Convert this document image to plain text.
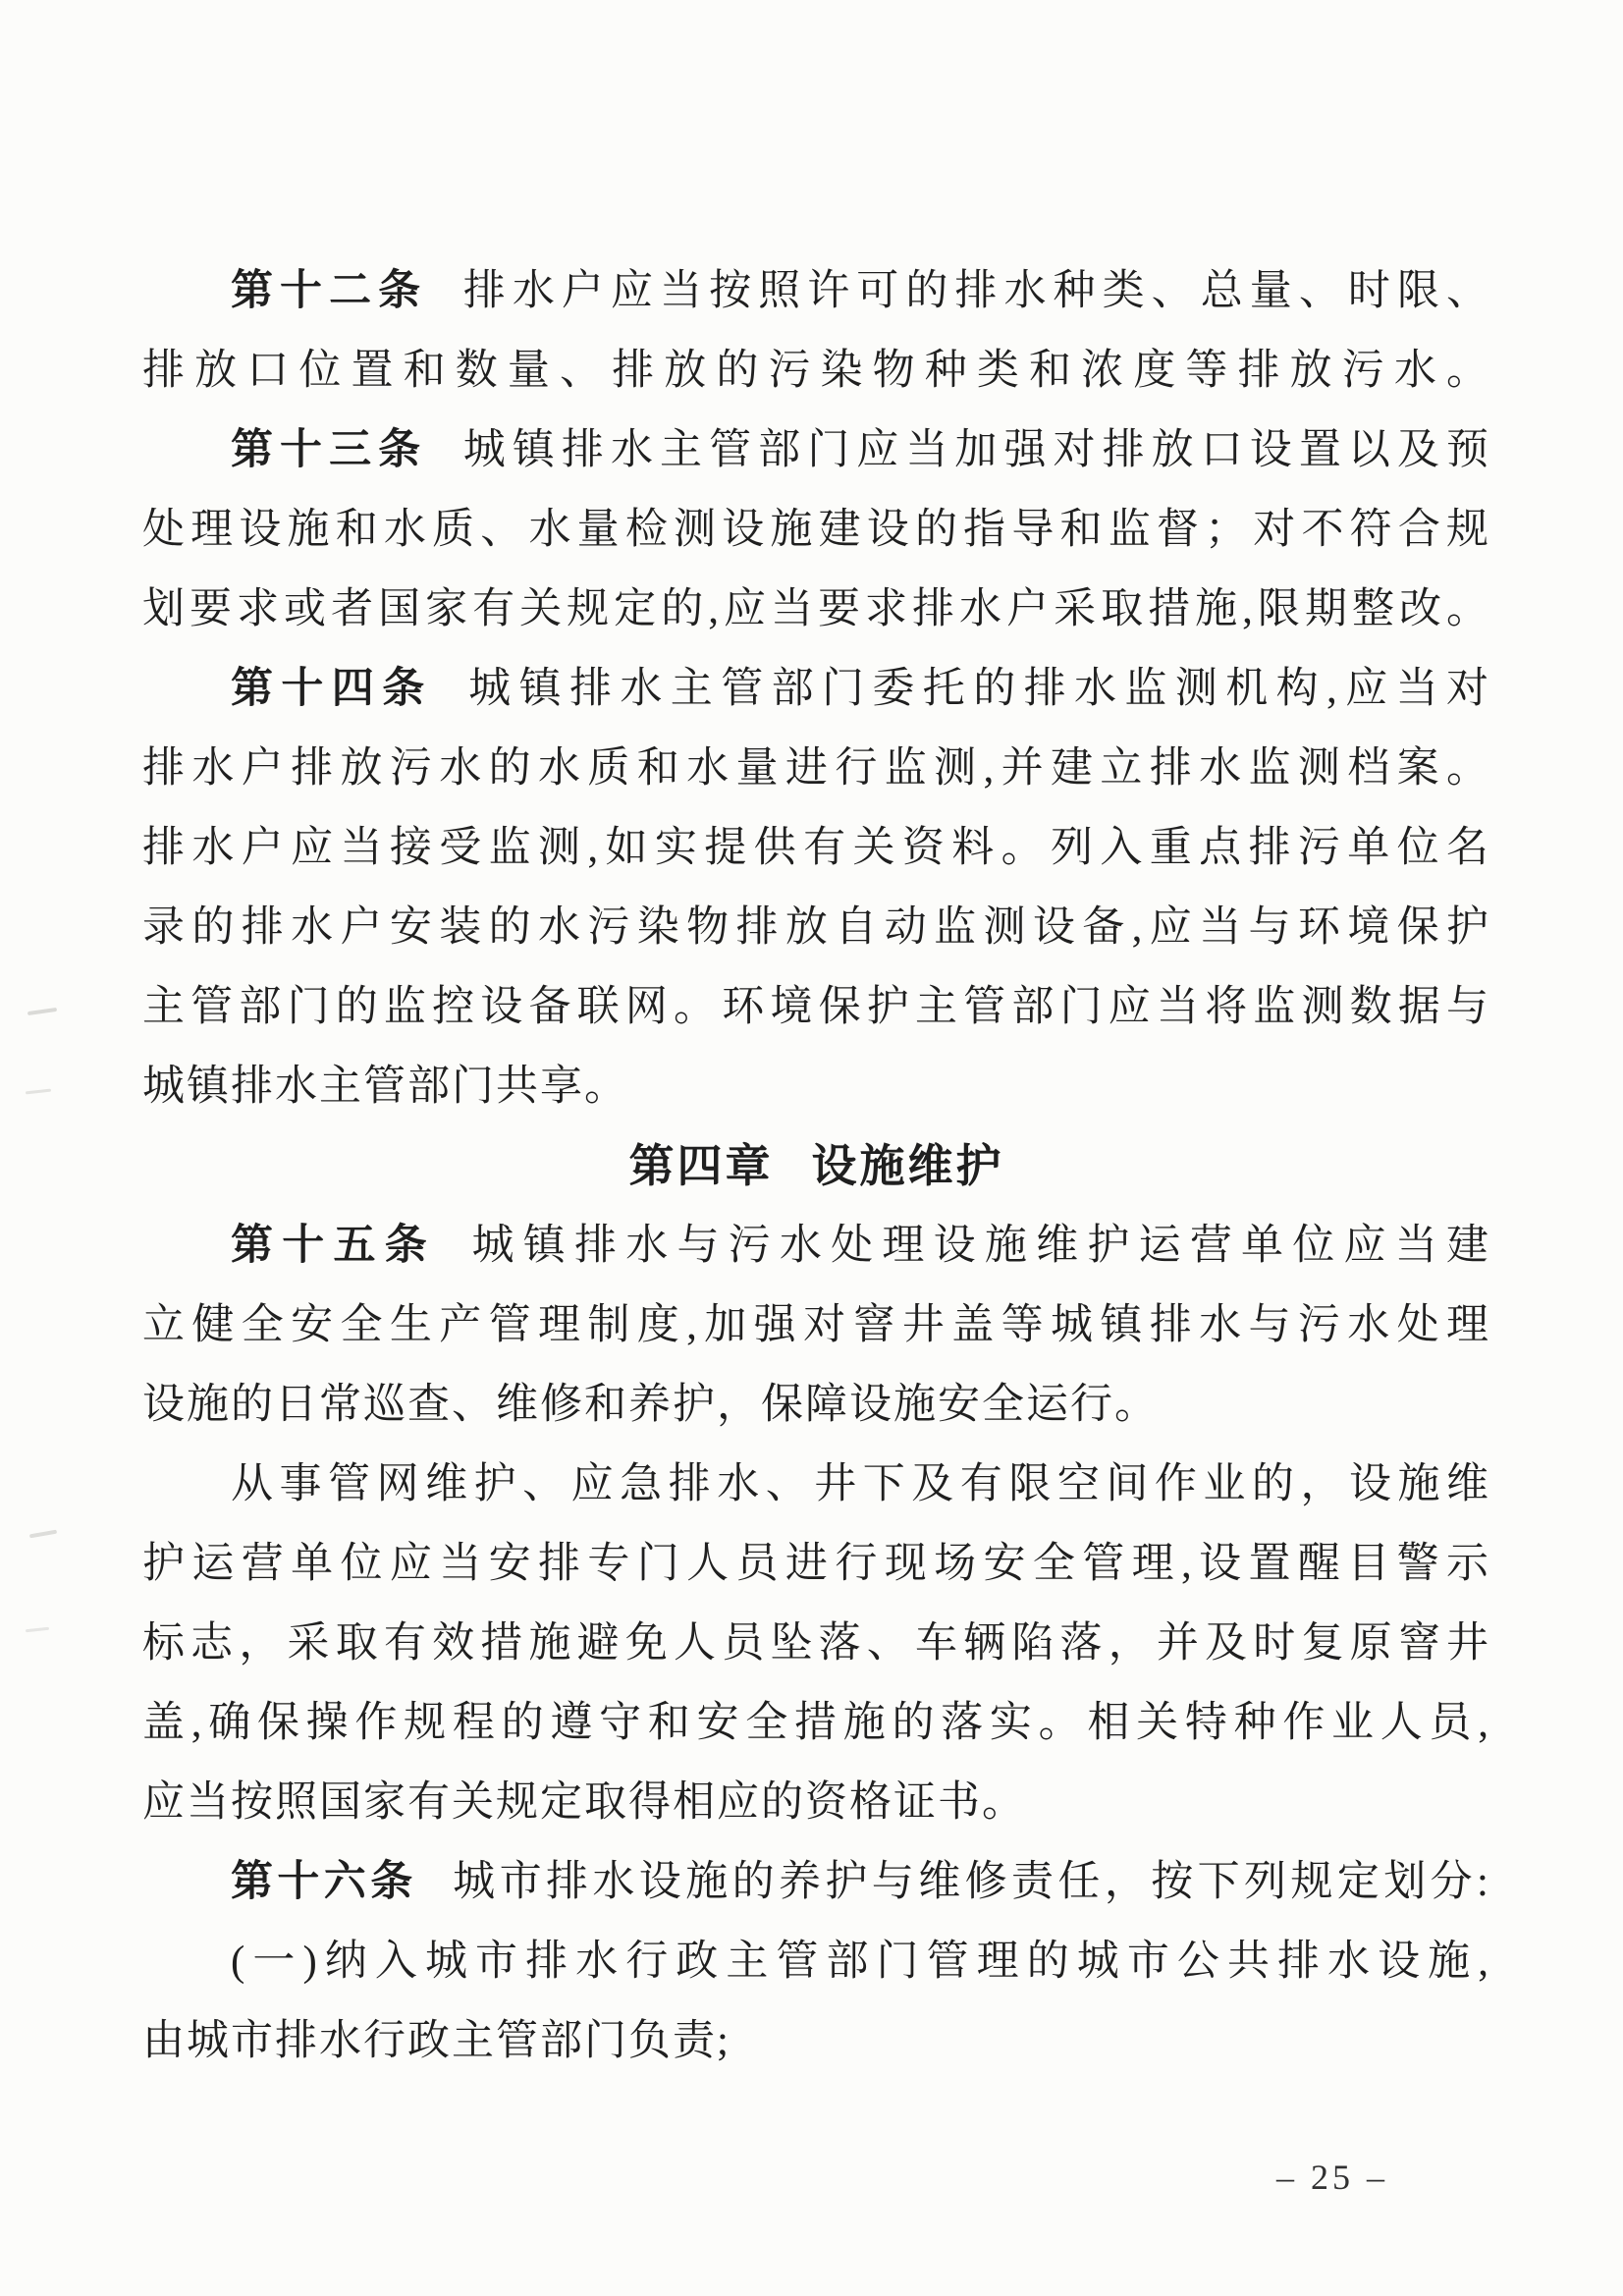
第十二条 排水户应当按照许可的排水种类、总量、时限、
排放口位置和数量、排放的污染物种类和浓度等排放污水。
第十三条 城镇排水主管部门应当加强对排放口设置以及预
处理设施和水质、水量检测设施建设的指导和监督；对不符合规
划要求或者国家有关规定的,应当要求排水户采取措施,限期整改。
第十四条 城镇排水主管部门委托的排水监测机构,应当对
排水户排放污水的水质和水量进行监测,并建立排水监测档案。
排水户应当接受监测,如实提供有关资料。列入重点排污单位名
录的排水户安装的水污染物排放自动监测设备,应当与环境保护
主管部门的监控设备联网。环境保护主管部门应当将监测数据与
城镇排水主管部门共享。
第四章 设施维护
第十五条 城镇排水与污水处理设施维护运营单位应当建
立健全安全生产管理制度,加强对窨井盖等城镇排水与污水处理
设施的日常巡查、维修和养护，保障设施安全运行。
从事管网维护、应急排水、井下及有限空间作业的，设施维
护运营单位应当安排专门人员进行现场安全管理,设置醒目警示
标志，采取有效措施避免人员坠落、车辆陷落，并及时复原窨井
盖,确保操作规程的遵守和安全措施的落实。相关特种作业人员,
应当按照国家有关规定取得相应的资格证书。
第十六条 城市排水设施的养护与维修责任，按下列规定划分:
(一)纳入城市排水行政主管部门管理的城市公共排水设施,
由城市排水行政主管部门负责;
– 25 –
